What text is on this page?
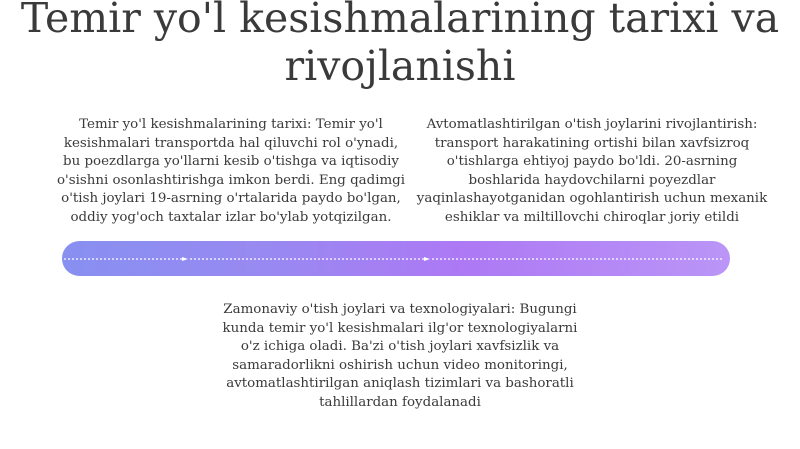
Temir yo'l kesishmalarining tarixi va rivojlanishi

Temir yo'l kesishmalarining tarixi: Temir yo'l kesishmalari transportda hal qiluvchi rol o'ynadi, bu poezdlarga yo'llarni kesib o'tishga va iqtisodiy o'sishni osonlashtirishga imkon berdi. Eng qadimgi o'tish joylari 19-asrning o'rtalarida paydo bo'lgan, oddiy yog'och taxtalar izlar bo'ylab yotqizilgan.

Avtomatlashtirilgan o'tish joylarini rivojlantirish: transport harakatining ortishi bilan xavfsizroq o'tishlarga ehtiyoj paydo bo'ldi. 20-asrning boshlarida haydovchilarni poyezdlar yaqinlashayotganidan ogohlantirish uchun mexanik eshiklar va miltillovchi chiroqlar joriy etildi

Zamonaviy o'tish joylari va texnologiyalari: Bugungi kunda temir yo'l kesishmalari ilg'or texnologiyalarni o'z ichiga oladi. Ba'zi o'tish joylari xavfsizlik va samaradorlikni oshirish uchun video monitoringi, avtomatlashtirilgan aniqlash tizimlari va bashoratli tahlillardan foydalanadi
